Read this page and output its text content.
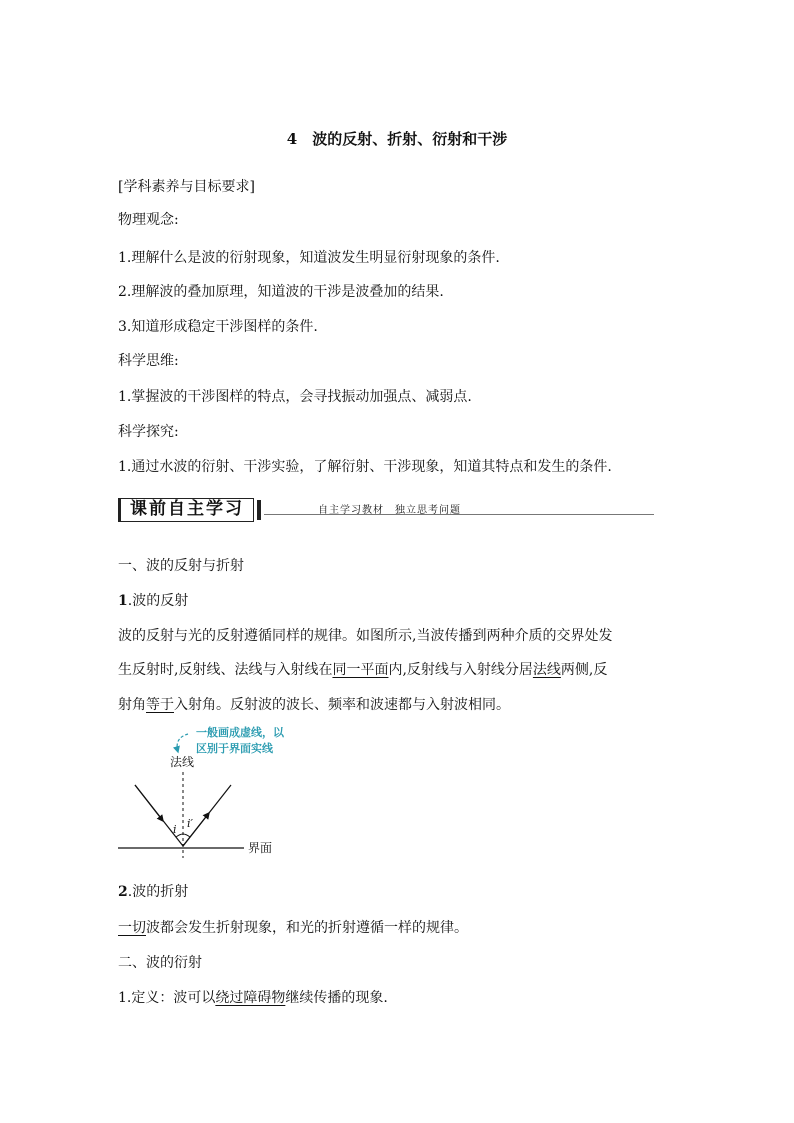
4　波的反射、折射、衍射和干涉
[学科素养与目标要求]
物理观念:
1.理解什么是波的衍射现象，知道波发生明显衍射现象的条件.
2.理解波的叠加原理，知道波的干涉是波叠加的结果.
3.知道形成稳定干涉图样的条件.
科学思维:
1.掌握波的干涉图样的特点，会寻找振动加强点、减弱点.
科学探究:
1.通过水波的衍射、干涉实验，了解衍射、干涉现象，知道其特点和发生的条件.
课前自主学习	自主学习教材　独立思考问题
一、波的反射与折射
1.波的反射
波的反射与光的反射遵循同样的规律。如图所示,当波传播到两种介质的交界处发
生反射时,反射线、法线与入射线在同一平面内,反射线与入射线分居法线两侧,反
射角等于入射角。反射波的波长、频率和波速都与入射波相同。
一般画成虚线，以
区别于界面实线
法线
i i′
界面
2.波的折射
一切波都会发生折射现象，和光的折射遵循一样的规律。
二、波的衍射
1.定义：波可以绕过障碍物继续传播的现象.
